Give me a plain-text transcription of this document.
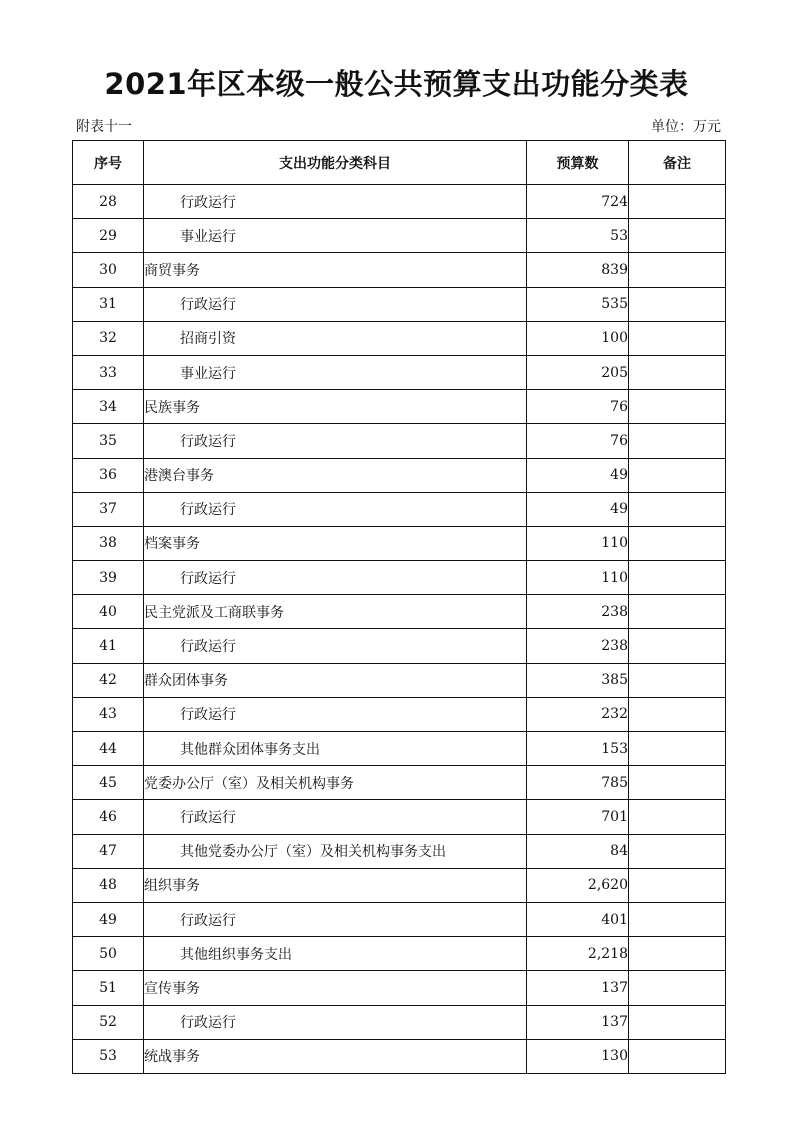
2021年区本级一般公共预算支出功能分类表
附表十一	单位：万元
序号	支出功能分类科目	预算数	备注
28	行政运行	724	
29	事业运行	53	
30	商贸事务	839	
31	行政运行	535	
32	招商引资	100	
33	事业运行	205	
34	民族事务	76	
35	行政运行	76	
36	港澳台事务	49	
37	行政运行	49	
38	档案事务	110	
39	行政运行	110	
40	民主党派及工商联事务	238	
41	行政运行	238	
42	群众团体事务	385	
43	行政运行	232	
44	其他群众团体事务支出	153	
45	党委办公厅（室）及相关机构事务	785	
46	行政运行	701	
47	其他党委办公厅（室）及相关机构事务支出	84	
48	组织事务	2,620	
49	行政运行	401	
50	其他组织事务支出	2,218	
51	宣传事务	137	
52	行政运行	137	
53	统战事务	130	
